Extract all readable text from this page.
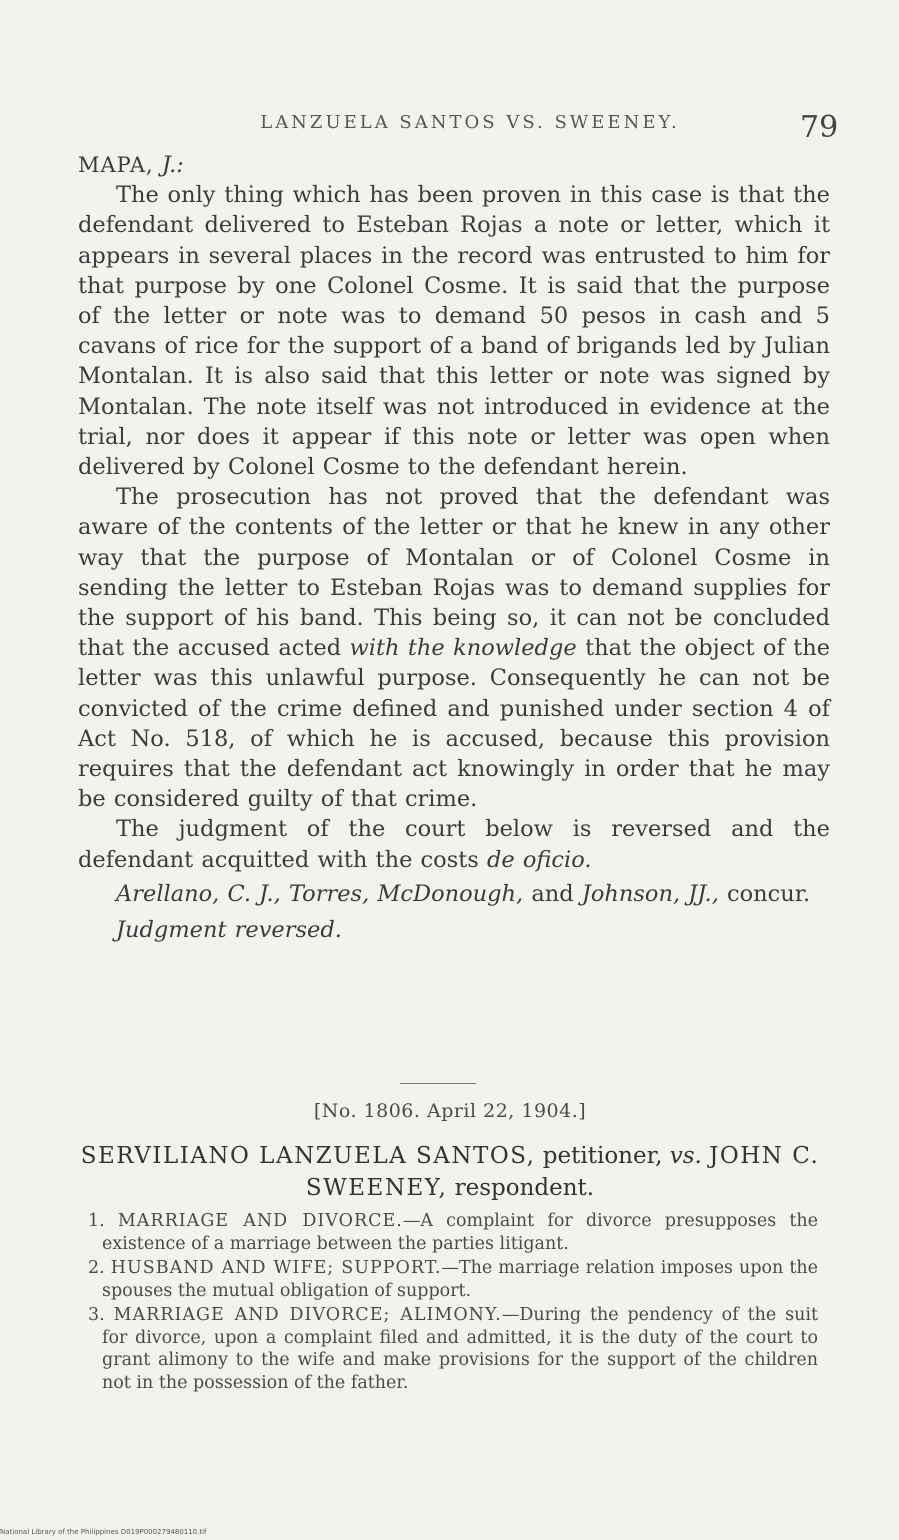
LANZUELA SANTOS VS. SWEENEY.	79

MAPA, J.:

The only thing which has been proven in this case is that the defendant delivered to Esteban Rojas a note or letter, which it appears in several places in the record was entrusted to him for that purpose by one Colonel Cosme. It is said that the purpose of the letter or note was to demand 50 pesos in cash and 5 cavans of rice for the support of a band of brigands led by Julian Montalan. It is also said that this letter or note was signed by Montalan. The note itself was not introduced in evidence at the trial, nor does it appear if this note or letter was open when delivered by Colonel Cosme to the defendant herein.

The prosecution has not proved that the defendant was aware of the contents of the letter or that he knew in any other way that the purpose of Montalan or of Colonel Cosme in sending the letter to Esteban Rojas was to demand supplies for the support of his band. This being so, it can not be concluded that the accused acted with the knowledge that the object of the letter was this unlawful purpose. Consequently he can not be convicted of the crime defined and punished under section 4 of Act No. 518, of which he is accused, because this provision requires that the defendant act knowingly in order that he may be considered guilty of that crime.

The judgment of the court below is reversed and the defendant acquitted with the costs de oficio.

Arellano, C. J., Torres, McDonough, and Johnson, JJ., concur.

Judgment reversed.

[No. 1806. April 22, 1904.]
SERVILIANO LANZUELA SANTOS, petitioner, vs. JOHN C. SWEENEY, respondent.
1. MARRIAGE AND DIVORCE.—A complaint for divorce presupposes the existence of a marriage between the parties litigant.
2. HUSBAND AND WIFE; SUPPORT.—The marriage relation imposes upon the spouses the mutual obligation of support.
3. MARRIAGE AND DIVORCE; ALIMONY.—During the pendency of the suit for divorce, upon a complaint filed and admitted, it is the duty of the court to grant alimony to the wife and make provisions for the support of the children not in the possession of the father.
National Library of the Philippines D019P000279480110.tif
